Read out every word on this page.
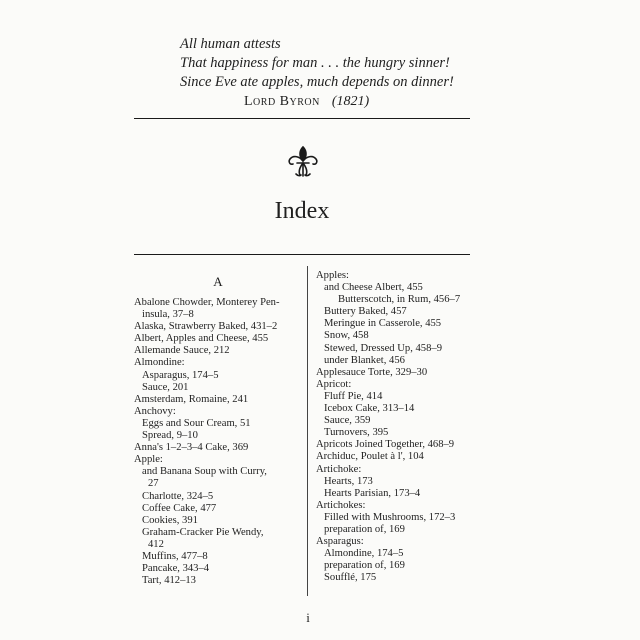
All human attests
That happiness for man . . . the hungry sinner!
Since Eve ate apples, much depends on dinner!
Lord Byron (1821)
Index
A
Abalone Chowder, Monterey Pen-
insula, 37–8
Alaska, Strawberry Baked, 431–2
Albert, Apples and Cheese, 455
Allemande Sauce, 212
Almondine:
Asparagus, 174–5
Sauce, 201
Amsterdam, Romaine, 241
Anchovy:
Eggs and Sour Cream, 51
Spread, 9–10
Anna's 1–2–3–4 Cake, 369
Apple:
and Banana Soup with Curry,
27
Charlotte, 324–5
Coffee Cake, 477
Cookies, 391
Graham-Cracker Pie Wendy,
412
Muffins, 477–8
Pancake, 343–4
Tart, 412–13
Apples:
and Cheese Albert, 455
Butterscotch, in Rum, 456–7
Buttery Baked, 457
Meringue in Casserole, 455
Snow, 458
Stewed, Dressed Up, 458–9
under Blanket, 456
Applesauce Torte, 329–30
Apricot:
Fluff Pie, 414
Icebox Cake, 313–14
Sauce, 359
Turnovers, 395
Apricots Joined Together, 468–9
Archiduc, Poulet à l', 104
Artichoke:
Hearts, 173
Hearts Parisian, 173–4
Artichokes:
Filled with Mushrooms, 172–3
preparation of, 169
Asparagus:
Almondine, 174–5
preparation of, 169
Soufflé, 175
i
